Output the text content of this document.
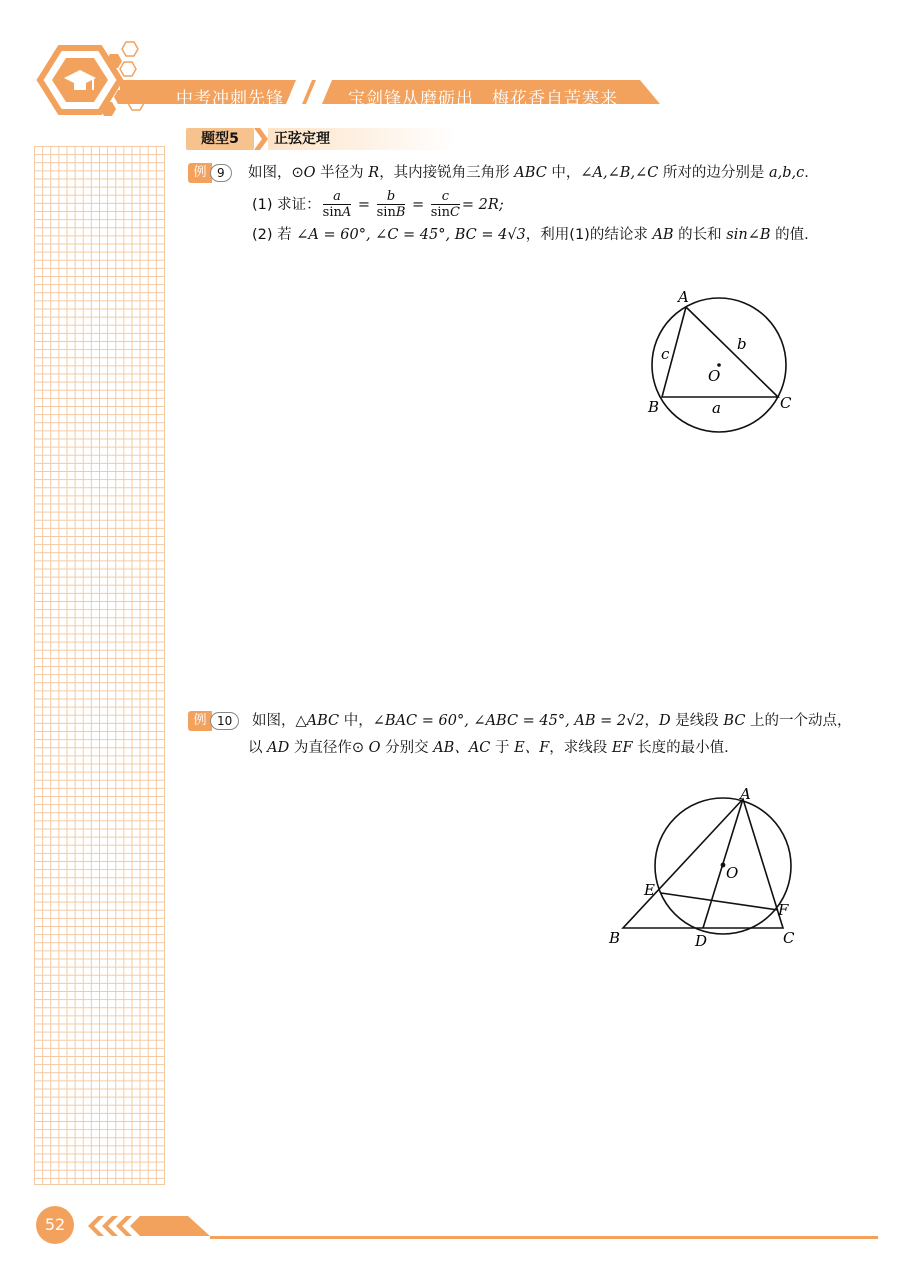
中考冲刺先锋	宝剑锋从磨砺出　梅花香自苦寒来
题型5	正弦定理
例 9	如图，⊙O 半径为 R，其内接锐角三角形 ABC 中，∠A,∠B,∠C 所对的边分别是 a,b,c.
(1) 求证： $\frac{a}{\sin A} = \frac{b}{\sin B} = \frac{c}{\sin C} = 2R$;
(2) 若 ∠A = 60°, ∠C = 45°, BC = 4√3，利用(1)的结论求 AB 的长和 sin∠B 的值.
A
B	C
O
b
c
a
例 10	如图，△ABC 中，∠BAC = 60°, ∠ABC = 45°, AB = 2√2，D 是线段 BC 上的一个动点，
以 AD 为直径作⊙ O 分别交 AB、AC 于 E、F，求线段 EF 长度的最小值.
A
B	C
D
E
F
O
52
